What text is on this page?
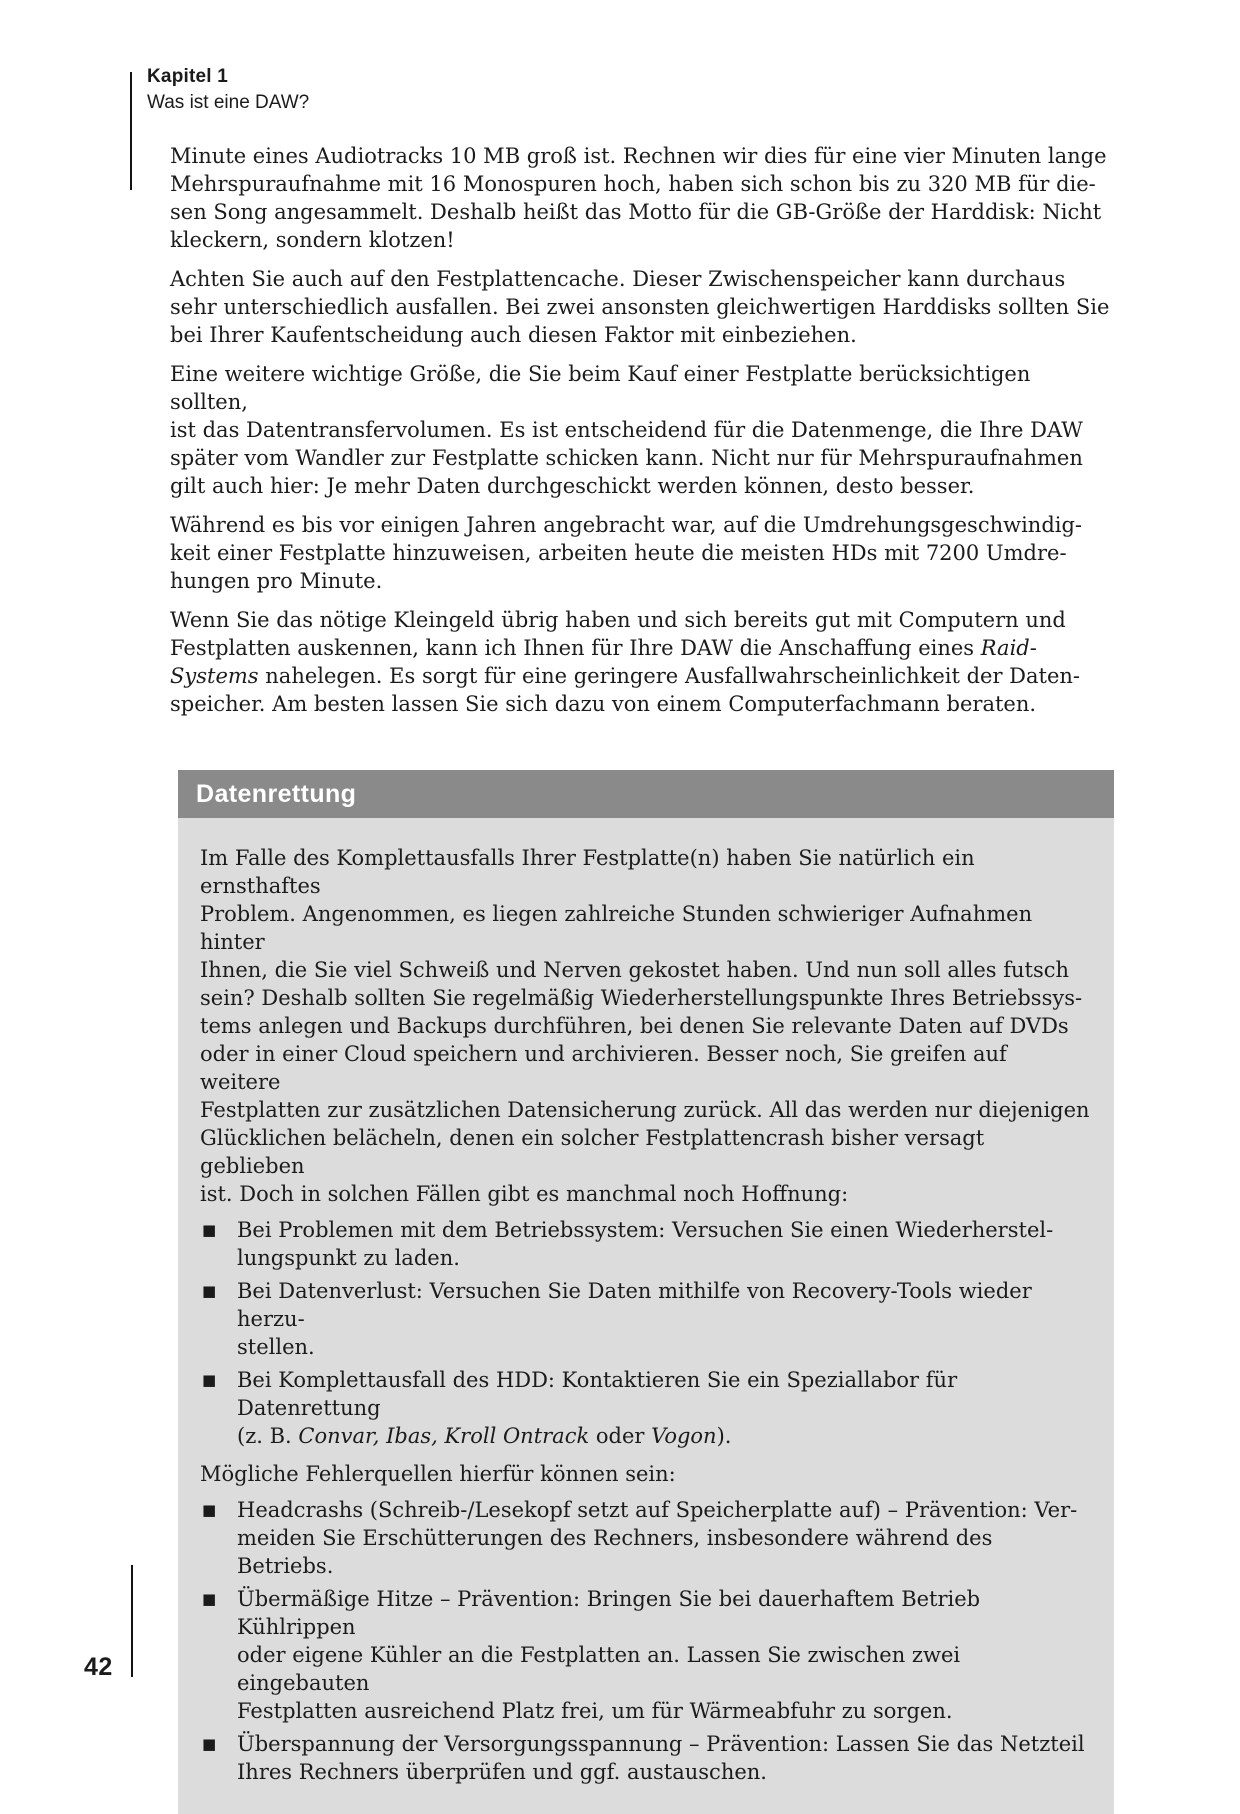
Kapitel 1
Was ist eine DAW?

Minute eines Audiotracks 10 MB groß ist. Rechnen wir dies für eine vier Minuten lange
Mehrspuraufnahme mit 16 Monospuren hoch, haben sich schon bis zu 320 MB für die-
sen Song angesammelt. Deshalb heißt das Motto für die GB-Größe der Harddisk: Nicht
kleckern, sondern klotzen!

Achten Sie auch auf den Festplattencache. Dieser Zwischenspeicher kann durchaus
sehr unterschiedlich ausfallen. Bei zwei ansonsten gleichwertigen Harddisks sollten Sie
bei Ihrer Kaufentscheidung auch diesen Faktor mit einbeziehen.

Eine weitere wichtige Größe, die Sie beim Kauf einer Festplatte berücksichtigen sollten,
ist das Datentransfervolumen. Es ist entscheidend für die Datenmenge, die Ihre DAW
später vom Wandler zur Festplatte schicken kann. Nicht nur für Mehrspuraufnahmen
gilt auch hier: Je mehr Daten durchgeschickt werden können, desto besser.

Während es bis vor einigen Jahren angebracht war, auf die Umdrehungsgeschwindig-
keit einer Festplatte hinzuweisen, arbeiten heute die meisten HDs mit 7200 Umdre-
hungen pro Minute.

Wenn Sie das nötige Kleingeld übrig haben und sich bereits gut mit Computern und
Festplatten auskennen, kann ich Ihnen für Ihre DAW die Anschaffung eines Raid-
Systems nahelegen. Es sorgt für eine geringere Ausfallwahrscheinlichkeit der Daten-
speicher. Am besten lassen Sie sich dazu von einem Computerfachmann beraten.

Datenrettung

Im Falle des Komplettausfalls Ihrer Festplatte(n) haben Sie natürlich ein ernsthaftes
Problem. Angenommen, es liegen zahlreiche Stunden schwieriger Aufnahmen hinter
Ihnen, die Sie viel Schweiß und Nerven gekostet haben. Und nun soll alles futsch
sein? Deshalb sollten Sie regelmäßig Wiederherstellungspunkte Ihres Betriebssys-
tems anlegen und Backups durchführen, bei denen Sie relevante Daten auf DVDs
oder in einer Cloud speichern und archivieren. Besser noch, Sie greifen auf weitere
Festplatten zur zusätzlichen Datensicherung zurück. All das werden nur diejenigen
Glücklichen belächeln, denen ein solcher Festplattencrash bisher versagt geblieben
ist. Doch in solchen Fällen gibt es manchmal noch Hoffnung:

■ Bei Problemen mit dem Betriebssystem: Versuchen Sie einen Wiederherstel-
lungspunkt zu laden.
■ Bei Datenverlust: Versuchen Sie Daten mithilfe von Recovery-Tools wieder herzu-
stellen.
■ Bei Komplettausfall des HDD: Kontaktieren Sie ein Speziallabor für Datenrettung
(z. B. Convar, Ibas, Kroll Ontrack oder Vogon).

Mögliche Fehlerquellen hierfür können sein:

■ Headcrashs (Schreib-/Lesekopf setzt auf Speicherplatte auf) – Prävention: Ver-
meiden Sie Erschütterungen des Rechners, insbesondere während des Betriebs.
■ Übermäßige Hitze – Prävention: Bringen Sie bei dauerhaftem Betrieb Kühlrippen
oder eigene Kühler an die Festplatten an. Lassen Sie zwischen zwei eingebauten
Festplatten ausreichend Platz frei, um für Wärmeabfuhr zu sorgen.
■ Überspannung der Versorgungsspannung – Prävention: Lassen Sie das Netzteil
Ihres Rechners überprüfen und ggf. austauschen.
42
